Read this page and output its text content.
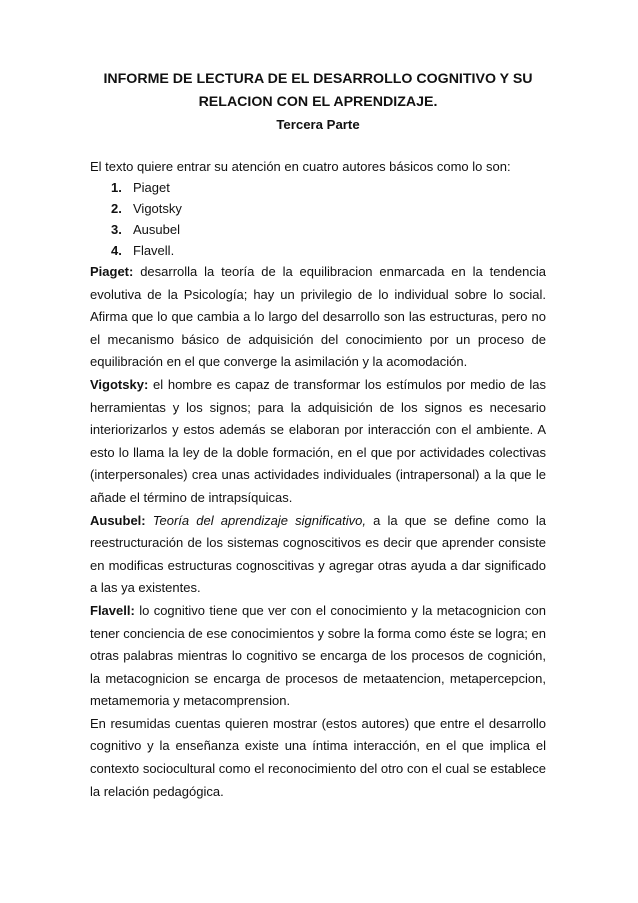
INFORME DE LECTURA DE EL DESARROLLO COGNITIVO Y SU
RELACION CON EL APRENDIZAJE.
Tercera Parte

El texto quiere entrar su atención en cuatro autores básicos como lo son:

1. Piaget
2. Vigotsky
3. Ausubel
4. Flavell.

Piaget: desarrolla la teoría de la equilibracion enmarcada en la tendencia evolutiva de la Psicología; hay un privilegio de lo individual sobre lo social. Afirma que lo que cambia a lo largo del desarrollo son las estructuras, pero no el mecanismo básico de adquisición del conocimiento por un proceso de equilibración en el que converge la asimilación y la acomodación.

Vigotsky: el hombre es capaz de transformar los estímulos por medio de las herramientas y los signos; para la adquisición de los signos es necesario interiorizarlos y estos además se elaboran por interacción con el ambiente. A esto lo llama la ley de la doble formación, en el que por actividades colectivas (interpersonales) crea unas actividades individuales (intrapersonal) a la que le añade el término de intrapsíquicas.

Ausubel: Teoría del aprendizaje significativo, a la que se define como la reestructuración de los sistemas cognoscitivos es decir que aprender consiste en modificas estructuras cognoscitivas y agregar otras ayuda a dar significado a las ya existentes.

Flavell: lo cognitivo tiene que ver con el conocimiento y la metacognicion con tener conciencia de ese conocimientos y sobre la forma como éste se logra; en otras palabras mientras lo cognitivo se encarga de los procesos de cognición, la metacognicion se encarga de procesos de metaatencion, metapercepcion, metamemoria y metacomprension.

En resumidas cuentas quieren mostrar (estos autores) que entre el desarrollo cognitivo y la enseñanza existe una íntima interacción, en el que implica el contexto sociocultural como el reconocimiento del otro con el cual se establece la relación pedagógica.
